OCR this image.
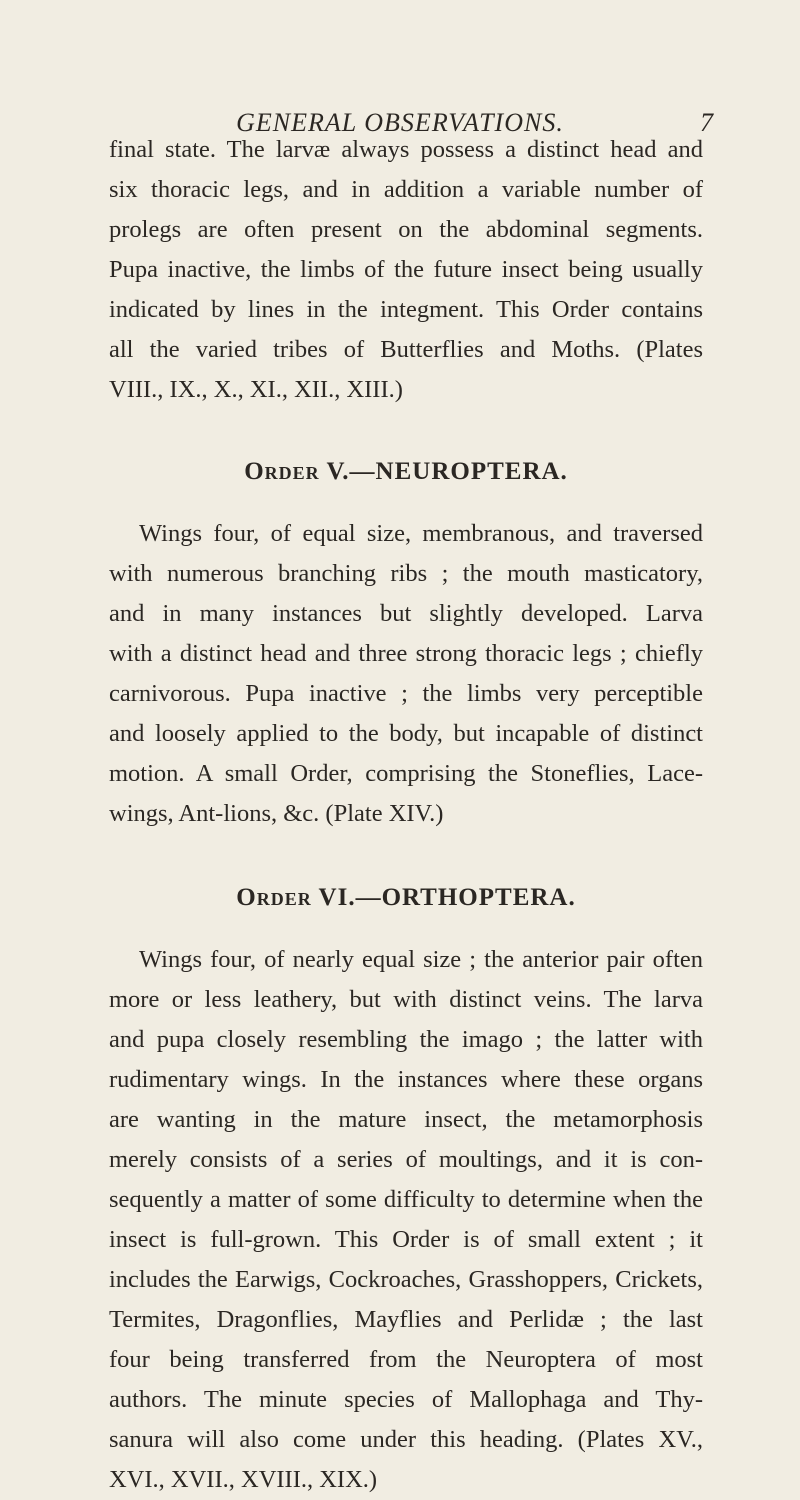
GENERAL OBSERVATIONS.	7

final state. The larvæ always possess a distinct head and
six thoracic legs, and in addition a variable number of
prolegs are often present on the abdominal segments.
Pupa inactive, the limbs of the future insect being usually
indicated by lines in the integment. This Order contains
all the varied tribes of Butterflies and Moths. (Plates
VIII., IX., X., XI., XII., XIII.)

Order V.—NEUROPTERA.

Wings four, of equal size, membranous, and traversed
with numerous branching ribs ; the mouth masticatory,
and in many instances but slightly developed. Larva
with a distinct head and three strong thoracic legs ; chiefly
carnivorous. Pupa inactive ; the limbs very perceptible
and loosely applied to the body, but incapable of distinct
motion. A small Order, comprising the Stoneflies, Lace-
wings, Ant-lions, &c. (Plate XIV.)

Order VI.—ORTHOPTERA.

Wings four, of nearly equal size ; the anterior pair often
more or less leathery, but with distinct veins. The larva
and pupa closely resembling the imago ; the latter with
rudimentary wings. In the instances where these organs
are wanting in the mature insect, the metamorphosis
merely consists of a series of moultings, and it is con-
sequently a matter of some difficulty to determine when the
insect is full-grown. This Order is of small extent ; it
includes the Earwigs, Cockroaches, Grasshoppers, Crickets,
Termites, Dragonflies, Mayflies and Perlidæ ; the last
four being transferred from the Neuroptera of most
authors. The minute species of Mallophaga and Thy-
sanura will also come under this heading. (Plates XV.,
XVI., XVII., XVIII., XIX.)
